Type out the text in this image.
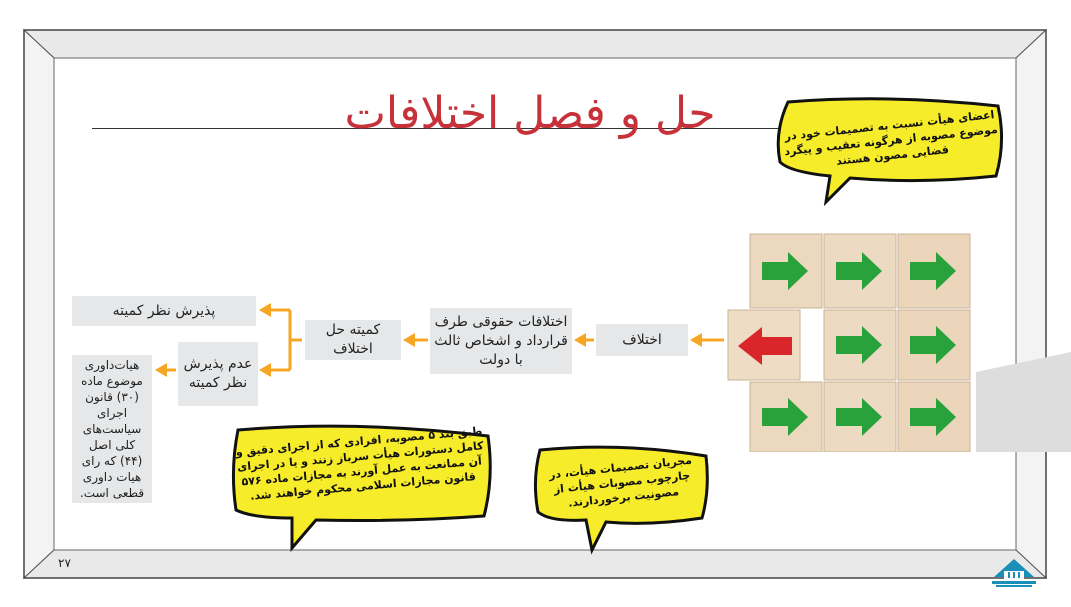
حل و فصل اختلافات	اعضای هیأت نسبت به تصمیمات خود در موضوع مصوبه از هرگونه تعقیب و پیگرد قضایی مصون هستند
اختلاف
اختلافات حقوقی طرف قرارداد و اشخاص ثالث با دولت
کمیته حل اختلاف
پذیرش نظر کمیته
عدم پذیرش نظر کمیته
هیات‌داوری موضوع ماده (۳۰) قانون اجرای سیاست‌های کلی اصل (۴۴) که رای هیات داوری قطعی است.
طبق بند ۵ مصوبه، افرادی که از اجرای دقیق و کامل دستورات هیأت سرباز زنند و یا در اجرای آن ممانعت به عمل آورند به مجازات ماده ۵۷۶ قانون مجازات اسلامی محکوم خواهند شد.
مجریان تصمیمات هیأت، در چارچوب مصوبات هیأت از مصونیت برخوردارند.
۲۷
